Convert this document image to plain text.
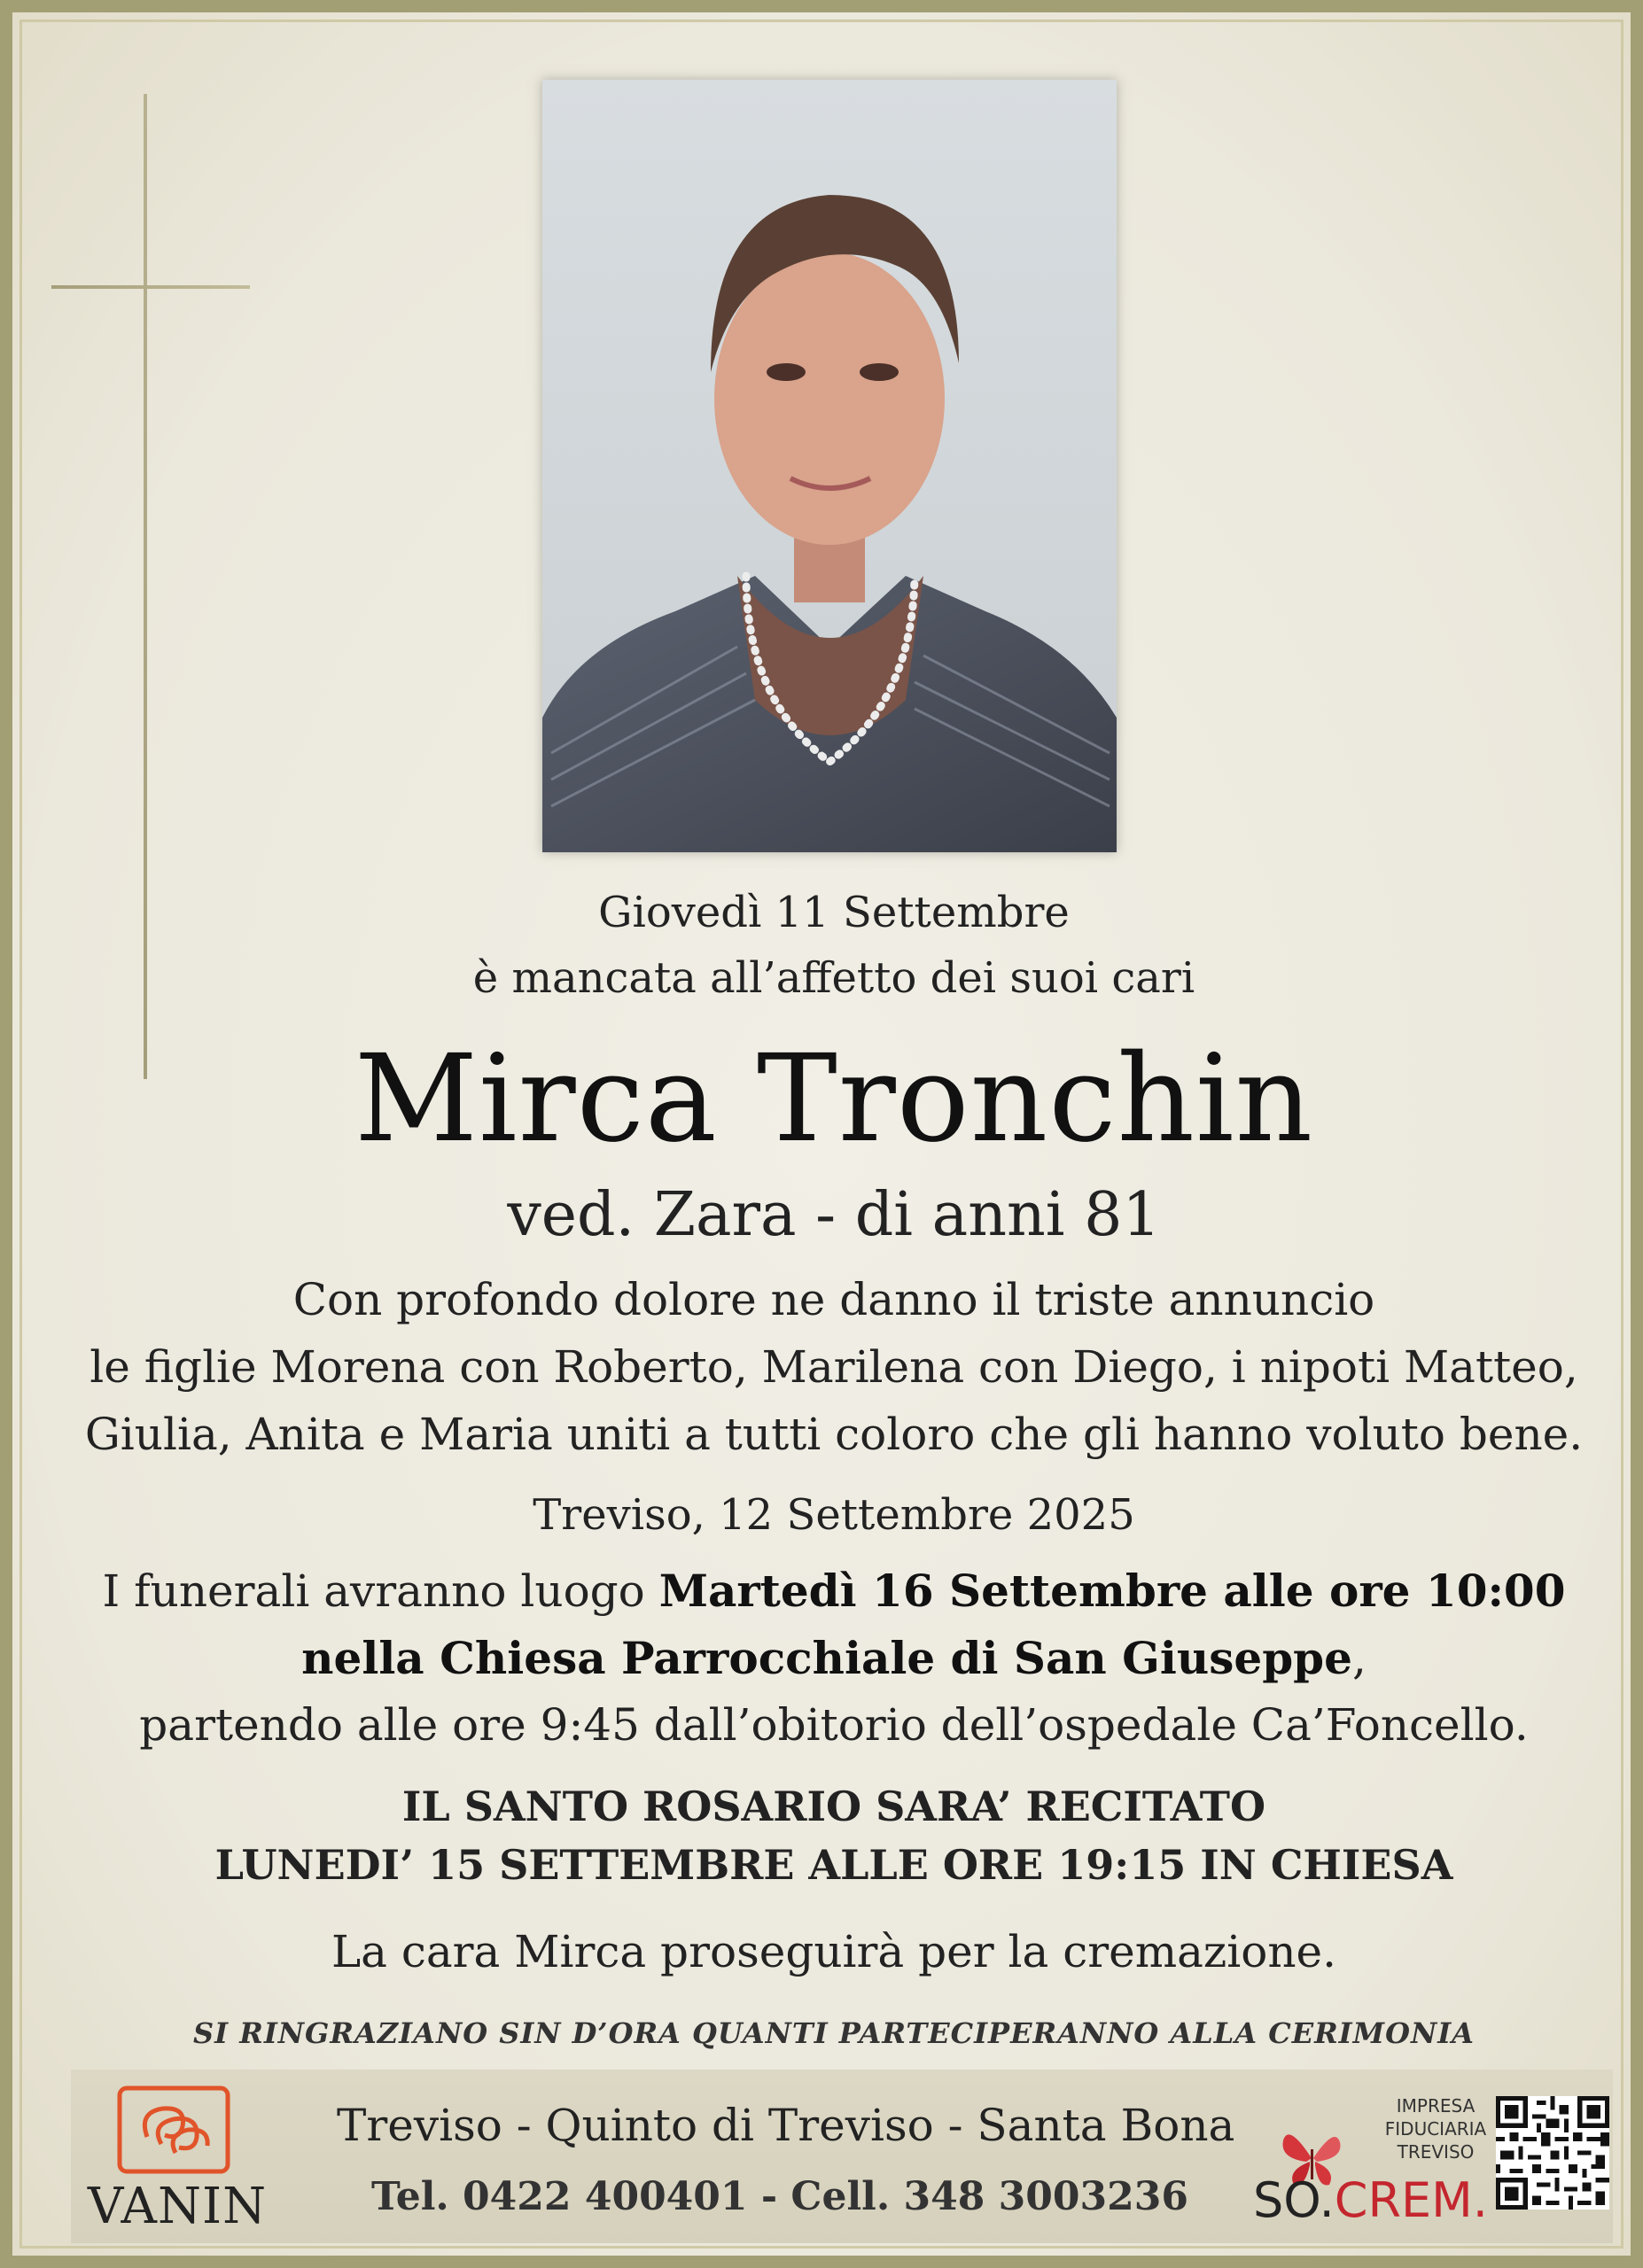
Giovedì 11 Settembre
è mancata all’affetto dei suoi cari
Mirca Tronchin
ved. Zara - di anni 81
Con profondo dolore ne danno il triste annuncio
le figlie Morena con Roberto, Marilena con Diego, i nipoti Matteo,
Giulia, Anita e Maria uniti a tutti coloro che gli hanno voluto bene.
Treviso, 12 Settembre 2025
I funerali avranno luogo Martedì 16 Settembre alle ore 10:00
nella Chiesa Parrocchiale di San Giuseppe,
partendo alle ore 9:45 dall’obitorio dell’ospedale Ca’Foncello.
IL SANTO ROSARIO SARA’ RECITATO
LUNEDI’ 15 SETTEMBRE ALLE ORE 19:15 IN CHIESA
La cara Mirca proseguirà per la cremazione.
SI RINGRAZIANO SIN D’ORA QUANTI PARTECIPERANNO ALLA CERIMONIA
VANIN
Treviso - Quinto di Treviso - Santa Bona
Tel. 0422 400401 - Cell. 348 3003236
IMPRESA
FIDUCIARIA
TREVISO
SO.CREM.
